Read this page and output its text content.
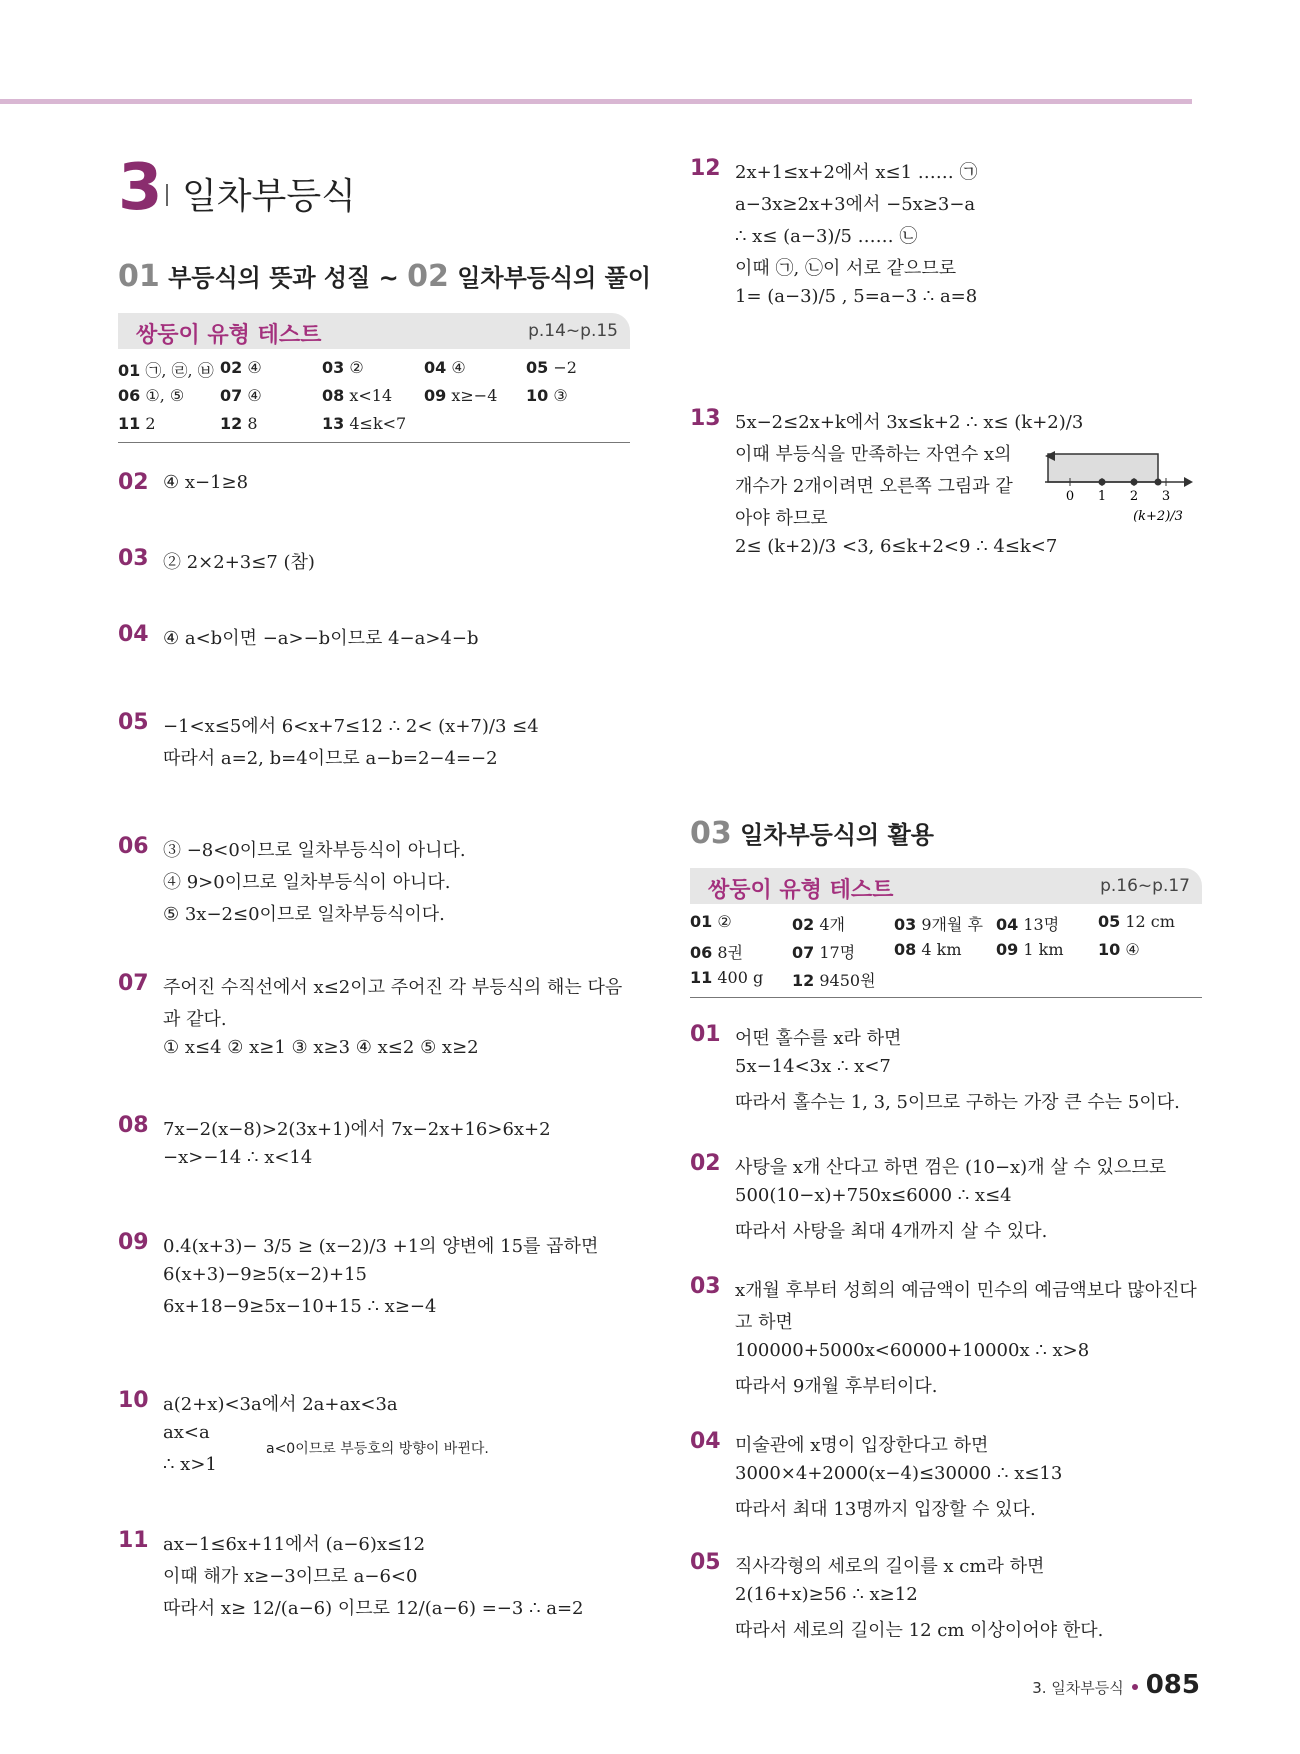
3 일차부등식
01 부등식의 뜻과 성질 ~ 02 일차부등식의 풀이
쌍둥이 유형 테스트	p.14~p.15
01 ㉠, ㉣, ㉥ 02 ④	03 ②	04 ④	05 −2
06 ①, ⑤ 07 ④	08 x<14 09 x≥−4 10 ③
11 2	12 8	13 4≤k<7
02 ④ x−1≥8
03 ② 2×2+3≤7 (참)
04 ④ a<b이면 −a>−b이므로 4−a>4−b
05 −1<x≤5에서 6<x+7≤12 ∴ 2< (x+7)/3 ≤4
따라서 a=2, b=4이므로 a−b=2−4=−2
06 ③ −8<0이므로 일차부등식이 아니다.
④ 9>0이므로 일차부등식이 아니다.
⑤ 3x−2≤0이므로 일차부등식이다.
07 주어진 수직선에서 x≤2이고 주어진 각 부등식의 해는 다음
과 같다.
① x≤4 ② x≥1 ③ x≥3 ④ x≤2 ⑤ x≥2
08 7x−2(x−8)>2(3x+1)에서 7x−2x+16>6x+2
−x>−14 ∴ x<14
09 0.4(x+3)− 3/5 ≥ (x−2)/3 +1의 양변에 15를 곱하면
6(x+3)−9≥5(x−2)+15
6x+18−9≥5x−10+15 ∴ x≥−4
10 a(2+x)<3a에서 2a+ax<3a
ax<a
∴ x>1
a<0이므로 부등호의 방향이 바뀐다.
11 ax−1≤6x+11에서 (a−6)x≤12
이때 해가 x≥−3이므로 a−6<0
따라서 x≥ 12/(a−6) 이므로 12/(a−6) =−3 ∴ a=2
12 2x+1≤x+2에서 x≤1 …… ㉠
a−3x≥2x+3에서 −5x≥3−a
∴ x≤ (a−3)/5 …… ㉡
이때 ㉠, ㉡이 서로 같으므로
1= (a−3)/5 , 5=a−3 ∴ a=8
13 5x−2≤2x+k에서 3x≤k+2 ∴ x≤ (k+2)/3
이때 부등식을 만족하는 자연수 x의
개수가 2개이려면 오른쪽 그림과 같
아야 하므로
2≤ (k+2)/3 <3, 6≤k+2<9 ∴ 4≤k<7
0 1 2 3
(k+2)/3
03 일차부등식의 활용
쌍둥이 유형 테스트	p.16~p.17
01 ②	02 4개	03 9개월 후 04 13명 05 12 cm
06 8권	07 17명 08 4 km 09 1 km 10 ④
11 400 g 12 9450원
01 어떤 홀수를 x라 하면
5x−14<3x ∴ x<7
따라서 홀수는 1, 3, 5이므로 구하는 가장 큰 수는 5이다.
02 사탕을 x개 산다고 하면 껌은 (10−x)개 살 수 있으므로
500(10−x)+750x≤6000 ∴ x≤4
따라서 사탕을 최대 4개까지 살 수 있다.
03 x개월 후부터 성희의 예금액이 민수의 예금액보다 많아진다
고 하면
100000+5000x<60000+10000x ∴ x>8
따라서 9개월 후부터이다.
04 미술관에 x명이 입장한다고 하면
3000×4+2000(x−4)≤30000 ∴ x≤13
따라서 최대 13명까지 입장할 수 있다.
05 직사각형의 세로의 길이를 x cm라 하면
2(16+x)≥56 ∴ x≥12
따라서 세로의 길이는 12 cm 이상이어야 한다.
3. 일차부등식 085
